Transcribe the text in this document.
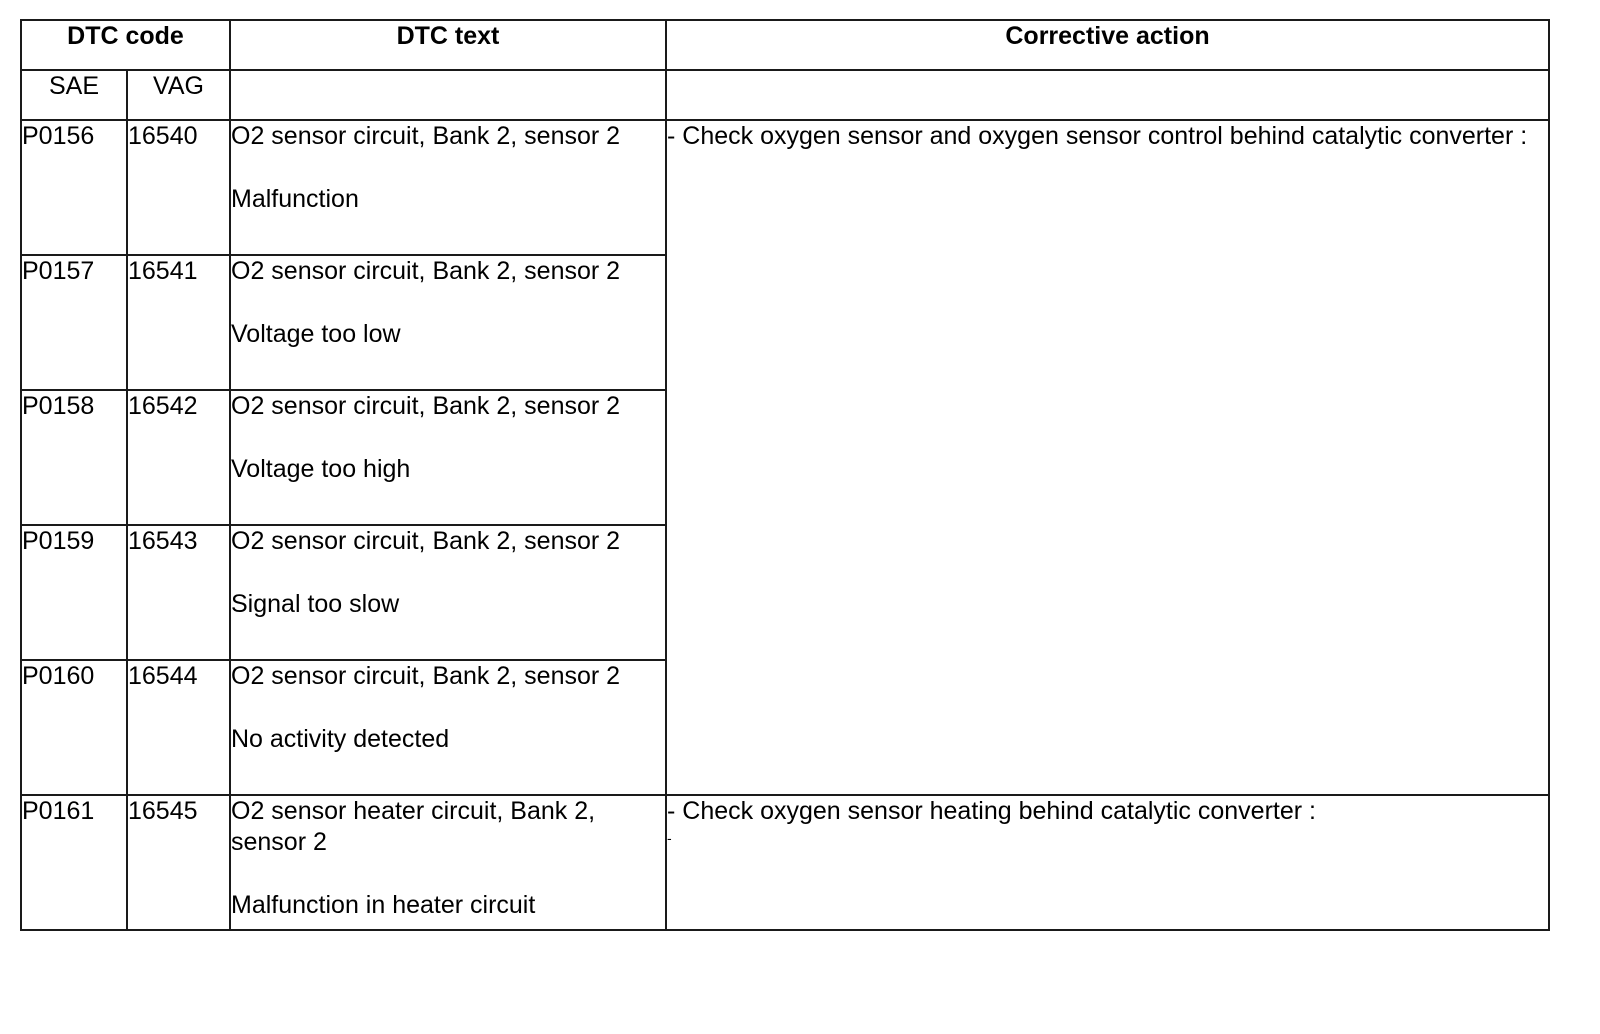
DTC code		DTC text	Corrective action
SAE	VAG		
P0156	16540	O2 sensor circuit, Bank 2, sensor 2
Malfunction	- Check oxygen sensor and oxygen sensor control behind catalytic converter :
P0157	16541	O2 sensor circuit, Bank 2, sensor 2
Voltage too low	

P0158	16542	O2 sensor circuit, Bank 2, sensor 2
Voltage too high	

P0159	16543	O2 sensor circuit, Bank 2, sensor 2
Signal too slow	

P0160	16544	O2 sensor circuit, Bank 2, sensor 2
No activity detected	

P0161	16545	O2 sensor heater circuit, Bank 2, sensor 2
Malfunction in heater circuit	- Check oxygen sensor heating behind catalytic converter :
-
